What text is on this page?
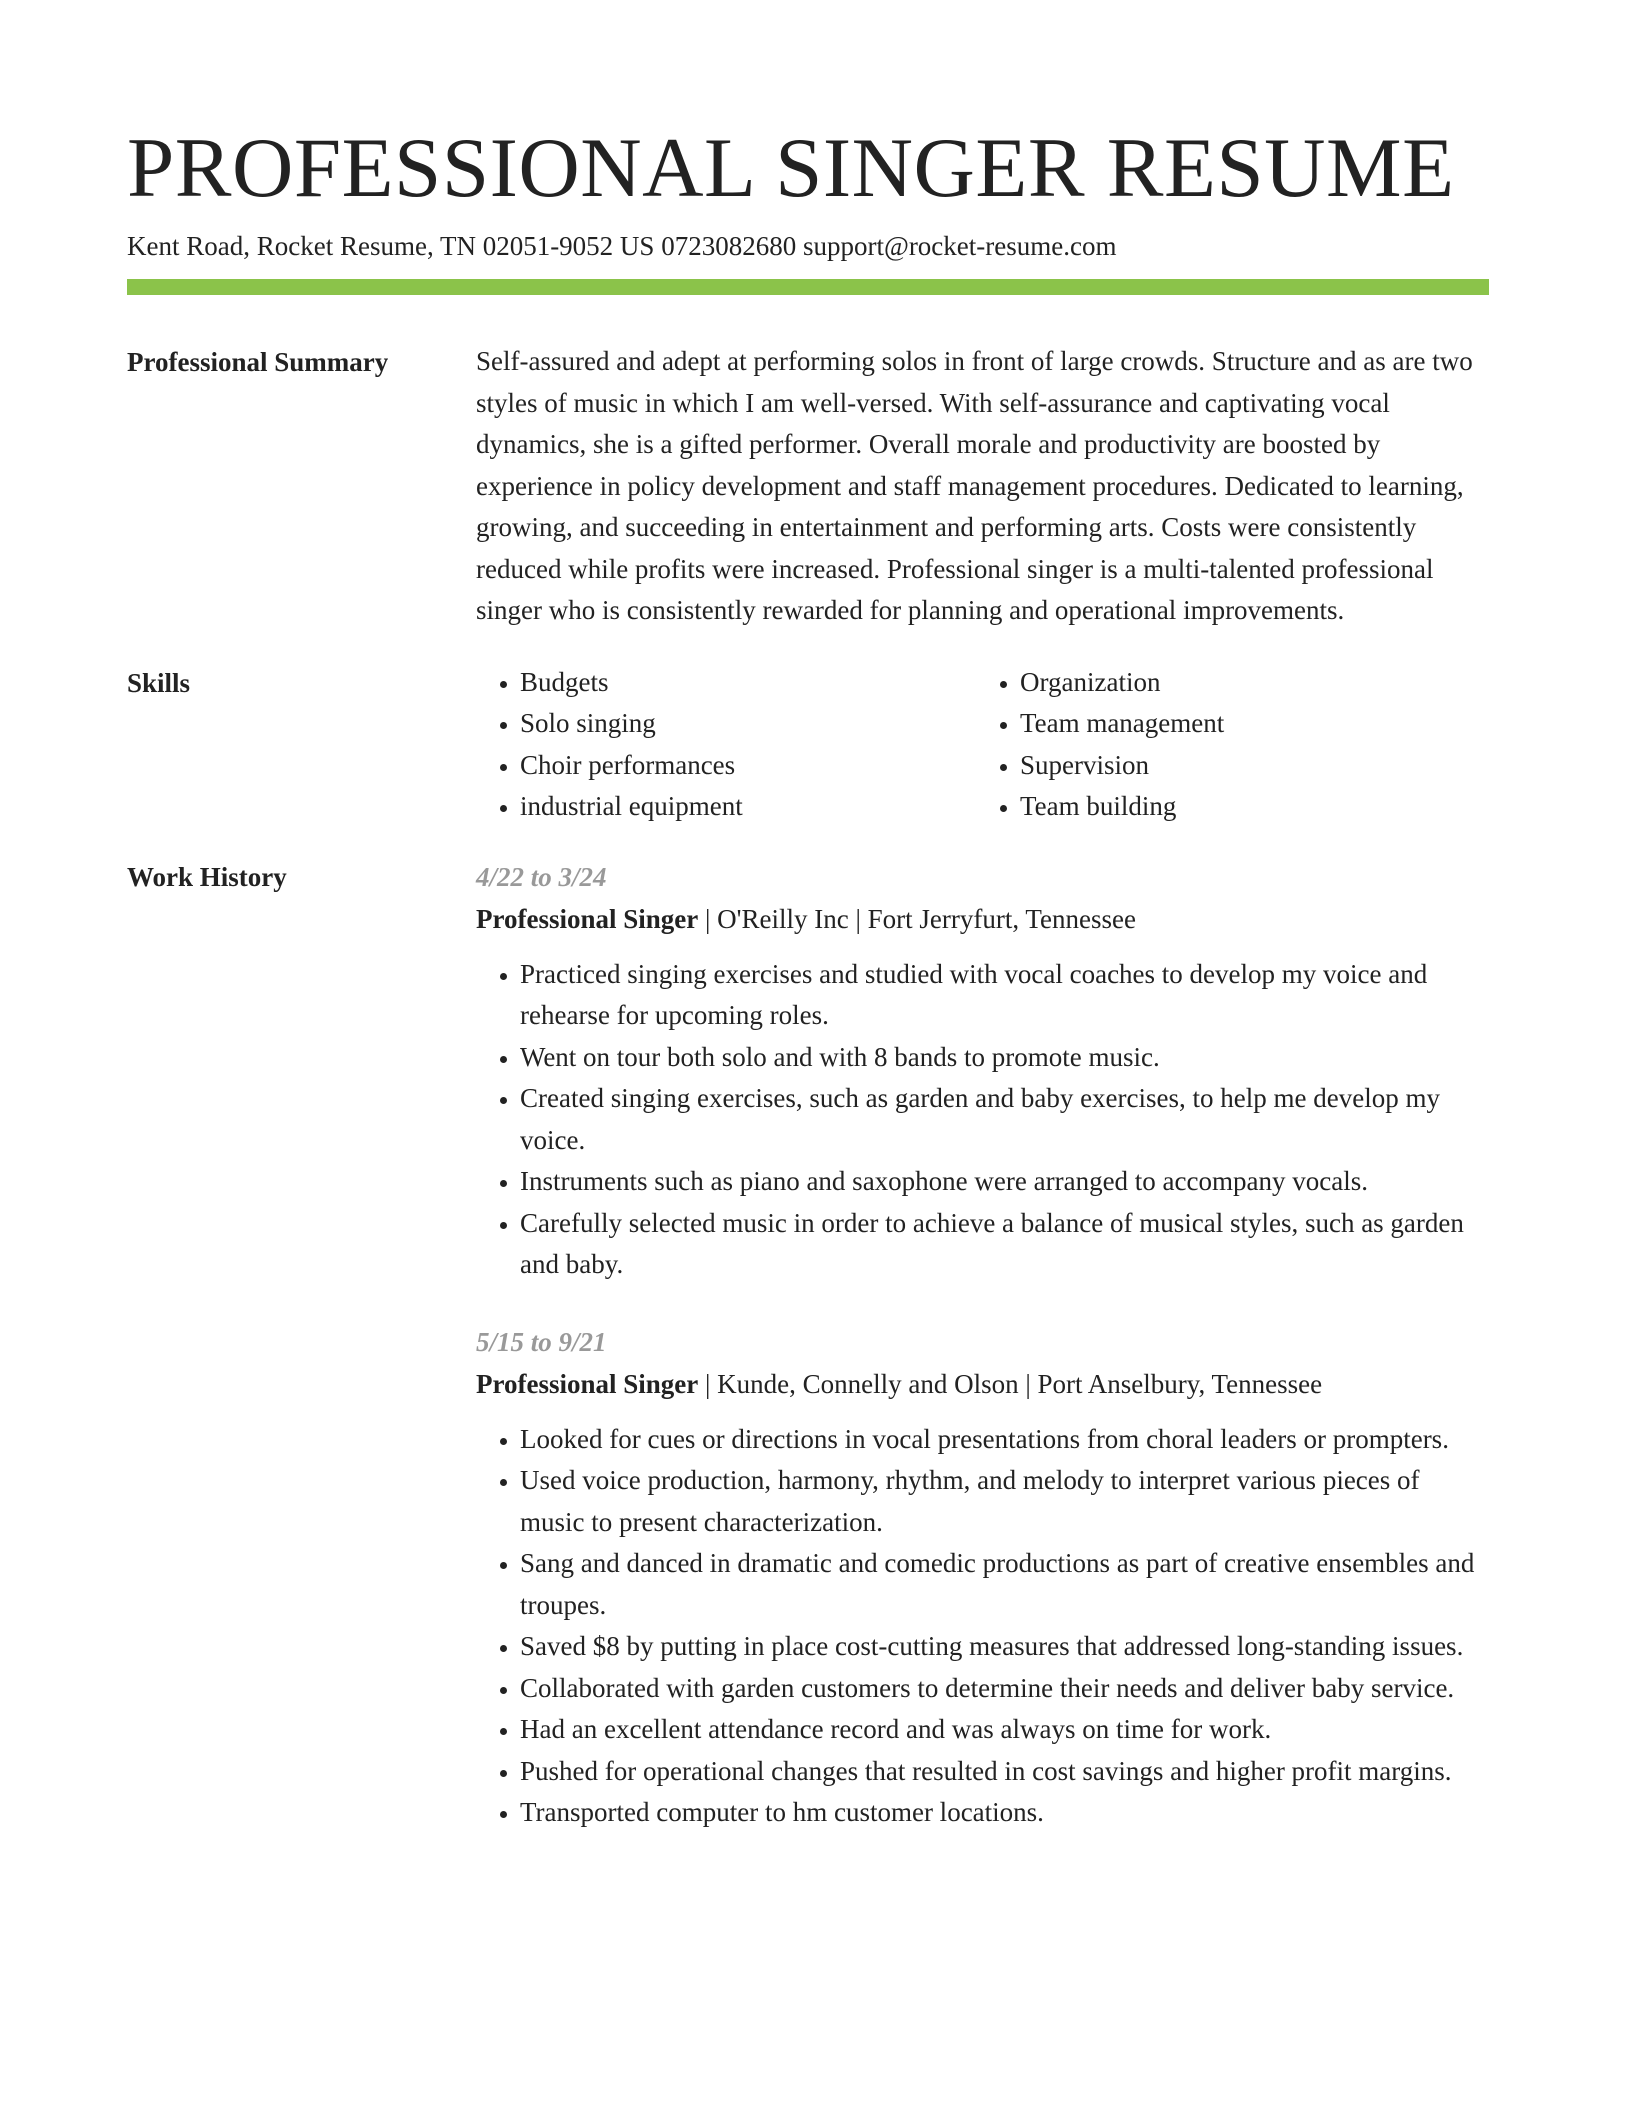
PROFESSIONAL SINGER RESUME
Kent Road, Rocket Resume, TN 02051-9052 US 0723082680 support@rocket-resume.com
Professional Summary	Self-assured and adept at performing solos in front of large crowds. Structure and as are two styles of music in which I am well-versed. With self-assurance and captivating vocal dynamics, she is a gifted performer. Overall morale and productivity are boosted by experience in policy development and staff management procedures. Dedicated to learning, growing, and succeeding in entertainment and performing arts. Costs were consistently reduced while profits were increased. Professional singer is a multi-talented professional singer who is consistently rewarded for planning and operational improvements.

Skills
•	Budgets
• Solo singing
• Choir performances
• industrial equipment
• Organization
• Team management
• Supervision
• Team building
Work History	4/22 to 3/24
Professional Singer | O'Reilly Inc | Fort Jerryfurt, Tennessee
• Practiced singing exercises and studied with vocal coaches to develop my voice and rehearse for upcoming roles.
• Went on tour both solo and with 8 bands to promote music.
• Created singing exercises, such as garden and baby exercises, to help me develop my voice.
• Instruments such as piano and saxophone were arranged to accompany vocals.
• Carefully selected music in order to achieve a balance of musical styles, such as garden and baby.
5/15 to 9/21
Professional Singer | Kunde, Connelly and Olson | Port Anselbury, Tennessee
• Looked for cues or directions in vocal presentations from choral leaders or prompters.
• Used voice production, harmony, rhythm, and melody to interpret various pieces of music to present characterization.
• Sang and danced in dramatic and comedic productions as part of creative ensembles and troupes.
• Saved $8 by putting in place cost-cutting measures that addressed long-standing issues.
• Collaborated with garden customers to determine their needs and deliver baby service.
• Had an excellent attendance record and was always on time for work.
• Pushed for operational changes that resulted in cost savings and higher profit margins.
• Transported computer to hm customer locations.
